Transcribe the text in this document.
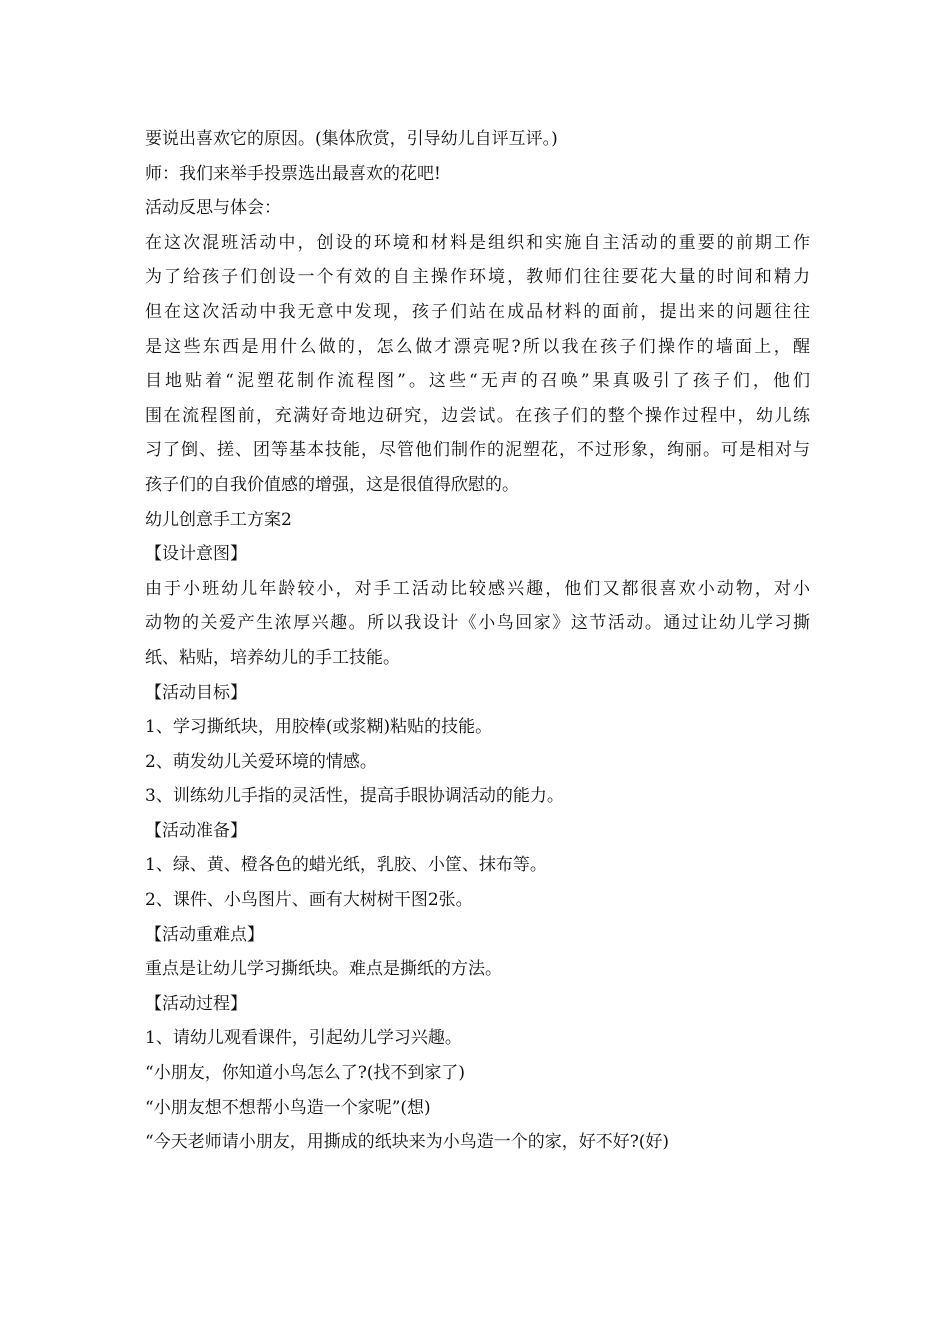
要说出喜欢它的原因。(集体欣赏，引导幼儿自评互评。)
师：我们来举手投票选出最喜欢的花吧!
活动反思与体会：
在这次混班活动中，创设的环境和材料是组织和实施自主活动的重要的前期工作
为了给孩子们创设一个有效的自主操作环境，教师们往往要花大量的时间和精力
但在这次活动中我无意中发现，孩子们站在成品材料的面前，提出来的问题往往
是这些东西是用什么做的，怎么做才漂亮呢?所以我在孩子们操作的墙面上，醒
目地贴着“泥塑花制作流程图”。这些“无声的召唤”果真吸引了孩子们，他们
围在流程图前，充满好奇地边研究，边尝试。在孩子们的整个操作过程中，幼儿练
习了倒、搓、团等基本技能，尽管他们制作的泥塑花，不过形象，绚丽。可是相对与
孩子们的自我价值感的增强，这是很值得欣慰的。
幼儿创意手工方案2
【设计意图】
由于小班幼儿年龄较小，对手工活动比较感兴趣，他们又都很喜欢小动物，对小
动物的关爱产生浓厚兴趣。所以我设计《小鸟回家》这节活动。通过让幼儿学习撕
纸、粘贴，培养幼儿的手工技能。
【活动目标】
1、学习撕纸块，用胶棒(或浆糊)粘贴的技能。
2、萌发幼儿关爱环境的情感。
3、训练幼儿手指的灵活性，提高手眼协调活动的能力。
【活动准备】
1、绿、黄、橙各色的蜡光纸，乳胶、小筐、抹布等。
2、课件、小鸟图片、画有大树树干图2张。
【活动重难点】
重点是让幼儿学习撕纸块。难点是撕纸的方法。
【活动过程】
1、请幼儿观看课件，引起幼儿学习兴趣。
“小朋友，你知道小鸟怎么了?(找不到家了)
“小朋友想不想帮小鸟造一个家呢”(想)
“今天老师请小朋友，用撕成的纸块来为小鸟造一个的家，好不好?(好)
